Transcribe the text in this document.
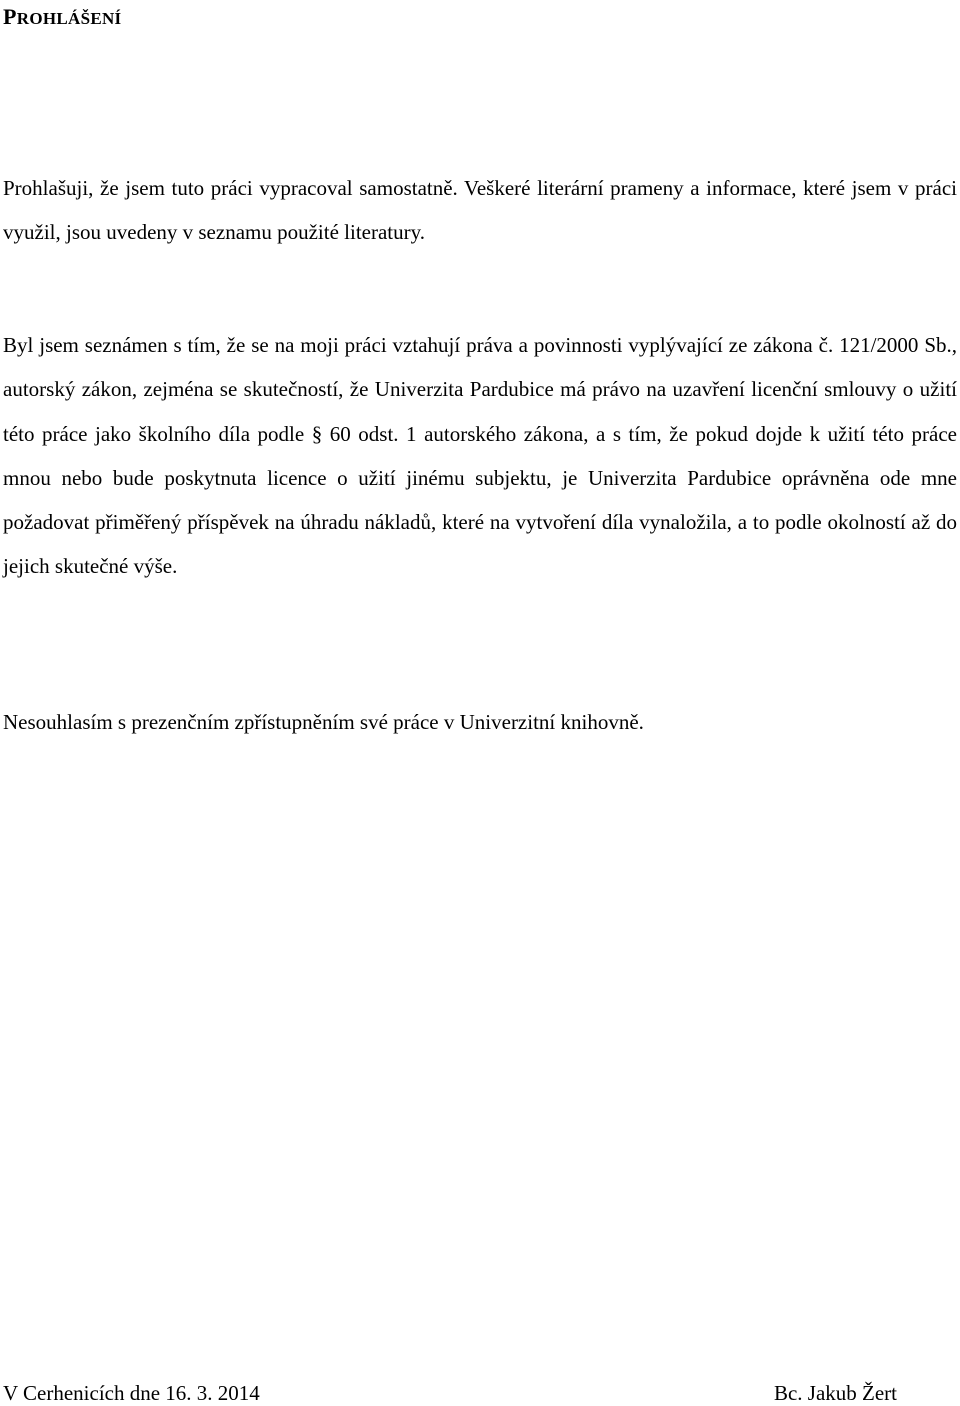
PROHLÁŠENÍ

Prohlašuji, že jsem tuto práci vypracoval samostatně. Veškeré literární prameny a informace, které jsem v práci využil, jsou uvedeny v seznamu použité literatury.

Byl jsem seznámen s tím, že se na moji práci vztahují práva a povinnosti vyplývající ze zákona č. 121/2000 Sb., autorský zákon, zejména se skutečností, že Univerzita Pardubice má právo na uzavření licenční smlouvy o užití této práce jako školního díla podle § 60 odst. 1 autorského zákona, a s tím, že pokud dojde k užití této práce mnou nebo bude poskytnuta licence o užití jinému subjektu, je Univerzita Pardubice oprávněna ode mne požadovat přiměřený příspěvek na úhradu nákladů, které na vytvoření díla vynaložila, a to podle okolností až do jejich skutečné výše.

Nesouhlasím s prezenčním zpřístupněním své práce v Univerzitní knihovně.

V Cerhenicích dne 16. 3. 2014	Bc. Jakub Žert
